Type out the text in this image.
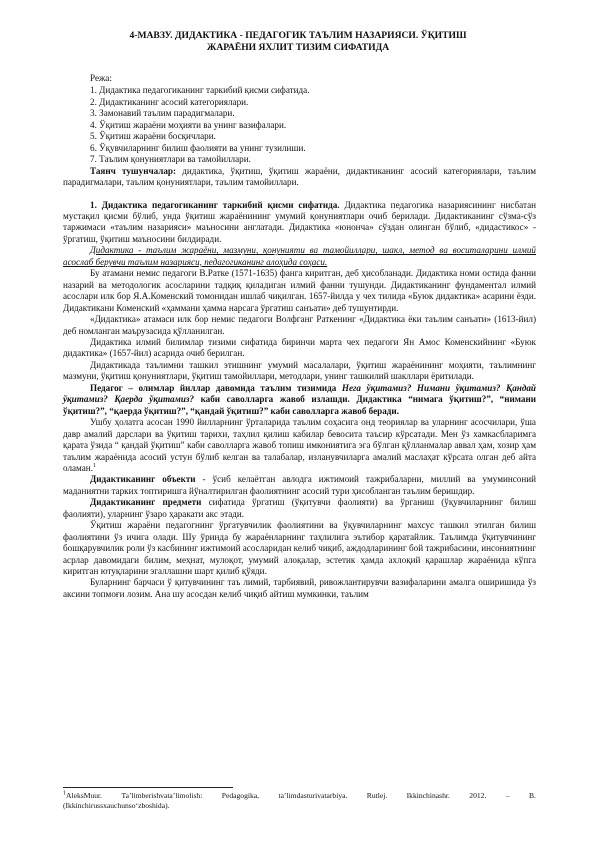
4-МАВЗУ. ДИДАКТИКА - ПЕДАГОГИК ТАЪЛИМ НАЗАРИЯСИ. ЎҚИТИШ
ЖАРАЁНИ ЯХЛИТ ТИЗИМ СИФАТИДА
Режа:
1. Дидактика педагогиканинг таркибий қисми сифатида.
2. Дидактиканинг асосий категориялари.
3. Замонавий таълим парадигмалари.
4. Ўқитиш жараёни моҳияти ва унинг вазифалари.
5. Ўқитиш жараёни босқичлари.
6. Ўқувчиларнинг билиш фаолияти ва унинг тузилиши.
7. Таълим қонуниятлари ва тамойиллари.

Таянч тушунчалар: дидактика, ўқитиш, ўқитиш жараёни, дидактиканинг асосий категориялари, таълим парадигмалари, таълим қонуниятлари, таълим тамойиллари.

1. Дидактика педагогиканинг таркибий қисми сифатида. Дидактика педагогика назариясининг нисбатан мустақил қисми бўлиб, унда ўқитиш жараёнининг умумий қонуниятлари очиб берилади. Дидактиканинг сўзма-сўз таржимаси «таълим назарияси» маъносини англатади. Дидактика «юнонча» сўздан олинган бўлиб, «дидастикос» - ўргатиш, ўқитиш маъносини билдиради.

Дидактика - таълим жараёни, мазмуни, қонунияти ва тамойиллари, шакл, метод ва воситаларини илмий асослаб берувчи таълим назарияси, педагогиканинг алоҳида соҳаси.

Бу атамани немис педагоги В.Ратке (1571-1635) фанга киритган, деб ҳисобланади. Дидактика номи остида фанни назарий ва методологик асосларини тадқиқ қиладиган илмий фанни тушунди. Дидактиканинг фундаментал илмий асослари илк бор Я.А.Коменский томонидан ишлаб чиқилган. 1657-йилда у чех тилида «Буюк дидактика» асарини ёзди. Дидактикани Коменский «ҳаммани ҳамма нарсага ўргатиш санъати» деб тушунтирди.

«Дидактика» атамаси илк бор немис педагоги Волфганг Раткенинг «Дидактика ёки таълим санъати» (1613-йил) деб номланган маърузасида қўлланилган.

Дидактика илмий билимлар тизими сифатида биринчи марта чех педагоги Ян Амос Коменскийнинг «Буюк дидактика» (1657-йил) асарида очиб берилган.

Дидактикада таълимни ташкил этишнинг умумий масалалари, ўқитиш жараёнининг моҳияти, таълимнинг мазмуни, ўқитиш қонуниятлари, ўқитиш тамойиллари, методлари, унинг ташкилий шакллари ёритилади.

Педагог – олимлар йиллар давомида таълим тизимида Нега ўқитамиз? Нимани ўқитамиз? Қандай ўқитамиз? Қаерда ўқитамиз? каби саволларга жавоб излашди. Дидактика “нимага ўқитиш?”, “нимани ўқитиш?”, “қаерда ўқитиш?”, “қандай ўқитиш?” каби саволларга жавоб беради.

Ушбу ҳолатга асосан 1990 йилларнинг ўрталарида таълим соҳасига онд теориялар ва уларнинг асосчилари, ўша давр амалий дарслари ва ўқитиш тарихи, таҳлил қилиш кабилар бевосита таъсир кўрсатади. Мен ўз хамкасбларимга қарата ўзида “ қандай ўқитиш” каби саволларга жавоб топиш имкониятига эга бўлган қўлланмалар аввал ҳам, хозир ҳам таълим жараёнида асосий устун бўлиб келган ва талабалар, изланувчиларга амалий маслаҳат кўрсата олган деб айта оламан.$^1$

Дидактиканинг объекти - ўсиб келаётган авлодга ижтимоий тажрибаларни, миллий ва умуминсоний маданиятни тарких топтиришга йўналтирилган фаолиятнинг асосий тури ҳисобланган таълим беришдир.

Дидактиканинг предмети сифатида ўргатиш (ўқитувчи фаолияти) ва ўрганиш (ўқувчиларнинг билиш фаолияти), уларнинг ўзаро ҳаракати акс этади.

Ўқитиш жараёни педагогнинг ўргатувчилик фаолиятини ва ўқувчиларнинг махсус ташкил этилган билиш фаолиятини ўз ичига олади. Шу ўринда бу жараёнларнинг таҳлилига эътибор қаратайлик. Таълимда ўқитувчининг бошқарувчилик роли ўз касбининг ижтимоий асосларидан келиб чиқиб, аждодларининг бой тажрибасини, инсониятнинг асрлар давомидаги билим, меҳнат, мулоқот, умумий алоқалар, эстетик ҳамда ахлоқий қарашлар жараёнида кўпга киритган ютуқларини эгаллашни шарт қилиб қўяди.

Буларнинг барчаси ў қитувчининг таъ лимий, тарбиявий, ривожлантирувчи вазифаларини амалга оширишида ўз аксини топмоғи лозим. Ана шу асосдан келиб чиқиб айтиш мумкинки, таълим

$^1$AleksMuur.	Ta’limberishvata’limolish:	Pedagogika,	ta’limdasturivatarbiya.	Rutlej.	Ikkinchinashr.	2012.	–	B.
(Ikkinchirussxauchunso‘zboshida).
